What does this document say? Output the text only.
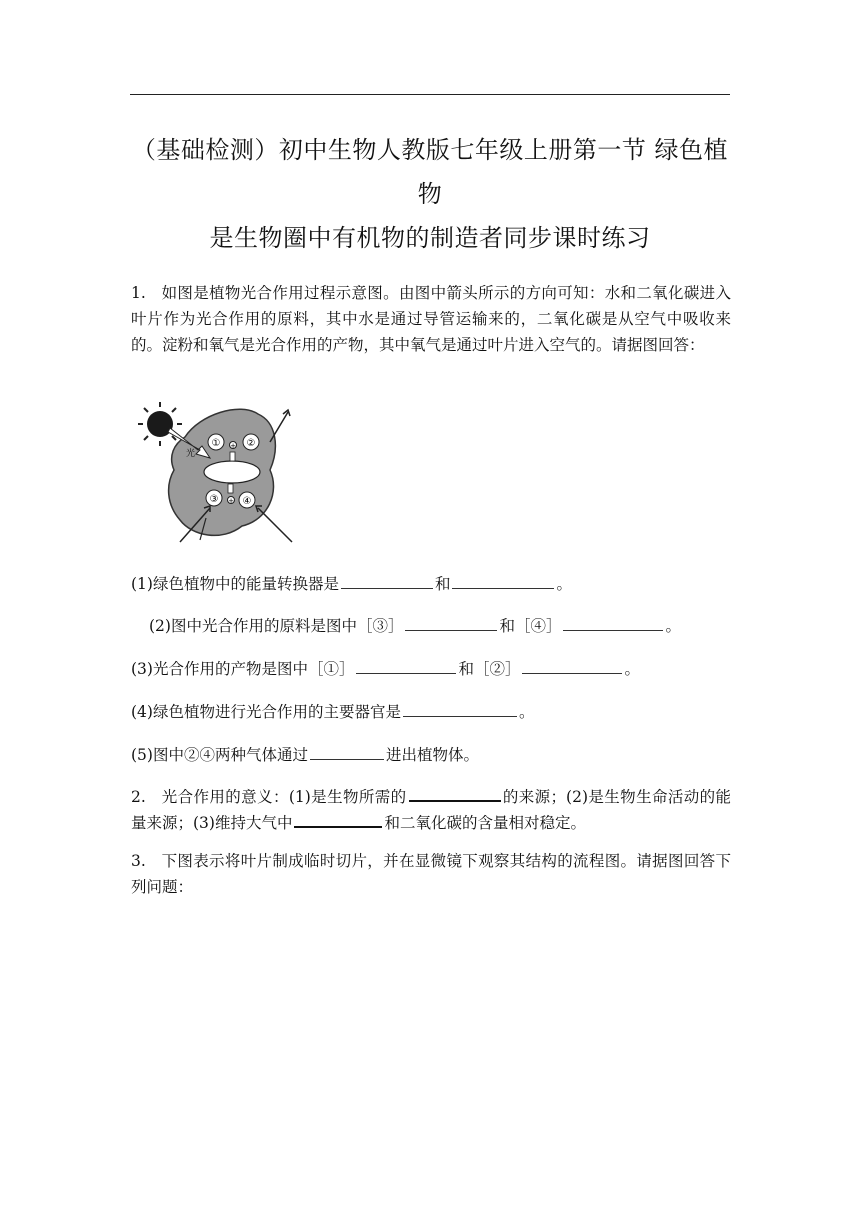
（基础检测）初中生物人教版七年级上册第一节 绿色植物
是生物圈中有机物的制造者同步课时练习
1. 如图是植物光合作用过程示意图。由图中箭头所示的方向可知：水和二氧化碳进入叶片作为光合作用的原料，其中水是通过导管运输来的，二氧化碳是从空气中吸收来的。淀粉和氧气是光合作用的产物，其中氧气是通过叶片进入空气的。请据图回答：
光
① + ②
③ + ④
(1)绿色植物中的能量转换器是	和	。
(2)图中光合作用的原料是图中［③］	和［④］	。
(3)光合作用的产物是图中［①］	和［②］	。
(4)绿色植物进行光合作用的主要器官是	。
(5)图中②④两种气体通过	进出植物体。
2. 光合作用的意义：(1)是生物所需的	的来源；(2)是生物生命活动的能量来源；(3)维持大气中	和二氧化碳的含量相对稳定。
3. 下图表示将叶片制成临时切片，并在显微镜下观察其结构的流程图。请据图回答下列问题：
